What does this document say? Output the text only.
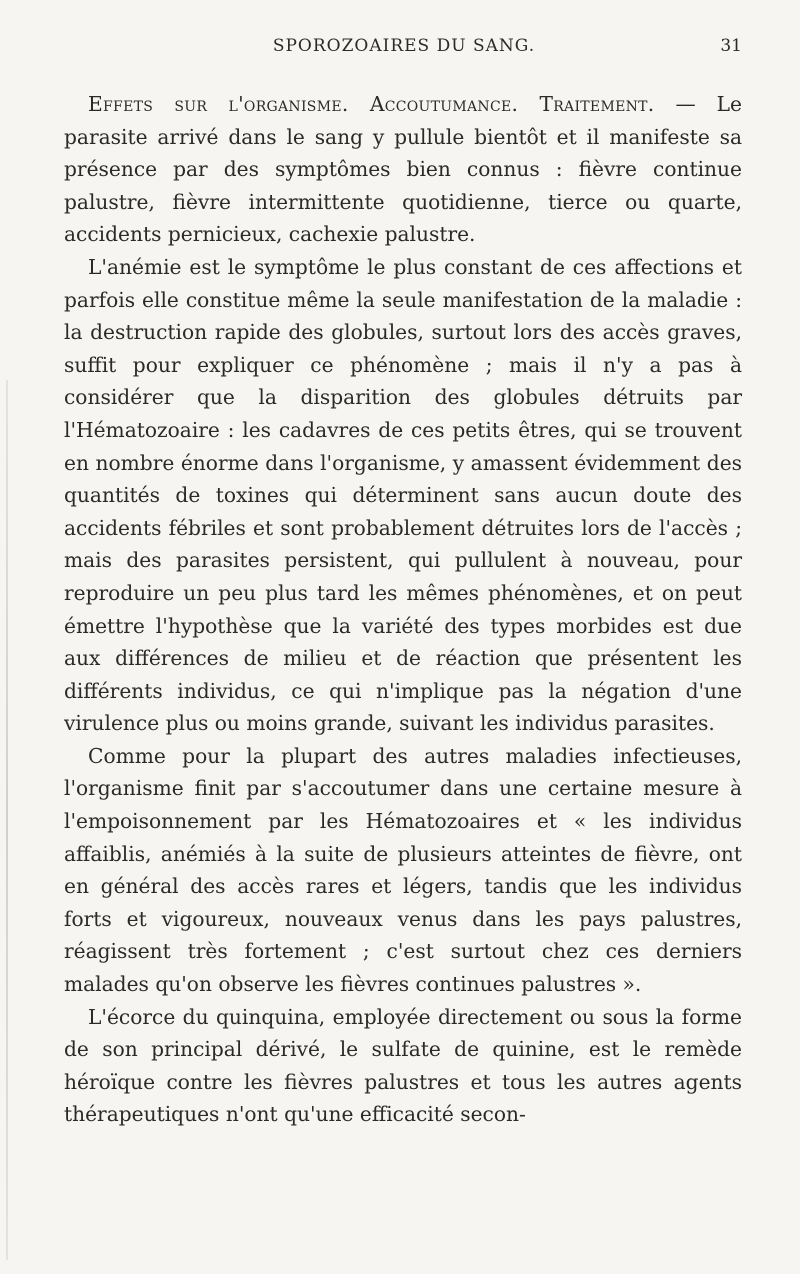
SPOROZOAIRES DU SANG.	31

Effets sur l'organisme. Accoutumance. Traitement. — Le parasite arrivé dans le sang y pullule bientôt et il manifeste sa présence par des symptômes bien connus : fièvre continue palustre, fièvre intermittente quotidienne, tierce ou quarte, accidents pernicieux, cachexie palustre.

L'anémie est le symptôme le plus constant de ces affections et parfois elle constitue même la seule manifestation de la maladie : la destruction rapide des globules, surtout lors des accès graves, suffit pour expliquer ce phénomène ; mais il n'y a pas à considérer que la disparition des globules détruits par l'Hématozoaire : les cadavres de ces petits êtres, qui se trouvent en nombre énorme dans l'organisme, y amassent évidemment des quantités de toxines qui déterminent sans aucun doute des accidents fébriles et sont probablement détruites lors de l'accès ; mais des parasites persistent, qui pullulent à nouveau, pour reproduire un peu plus tard les mêmes phénomènes, et on peut émettre l'hypothèse que la variété des types morbides est due aux différences de milieu et de réaction que présentent les différents individus, ce qui n'implique pas la négation d'une virulence plus ou moins grande, suivant les individus parasites.

Comme pour la plupart des autres maladies infectieuses, l'organisme finit par s'accoutumer dans une certaine mesure à l'empoisonnement par les Hématozoaires et « les individus affaiblis, anémiés à la suite de plusieurs atteintes de fièvre, ont en général des accès rares et légers, tandis que les individus forts et vigoureux, nouveaux venus dans les pays palustres, réagissent très fortement ; c'est surtout chez ces derniers malades qu'on observe les fièvres continues palustres ».

L'écorce du quinquina, employée directement ou sous la forme de son principal dérivé, le sulfate de quinine, est le remède héroïque contre les fièvres palustres et tous les autres agents thérapeutiques n'ont qu'une efficacité secon-
